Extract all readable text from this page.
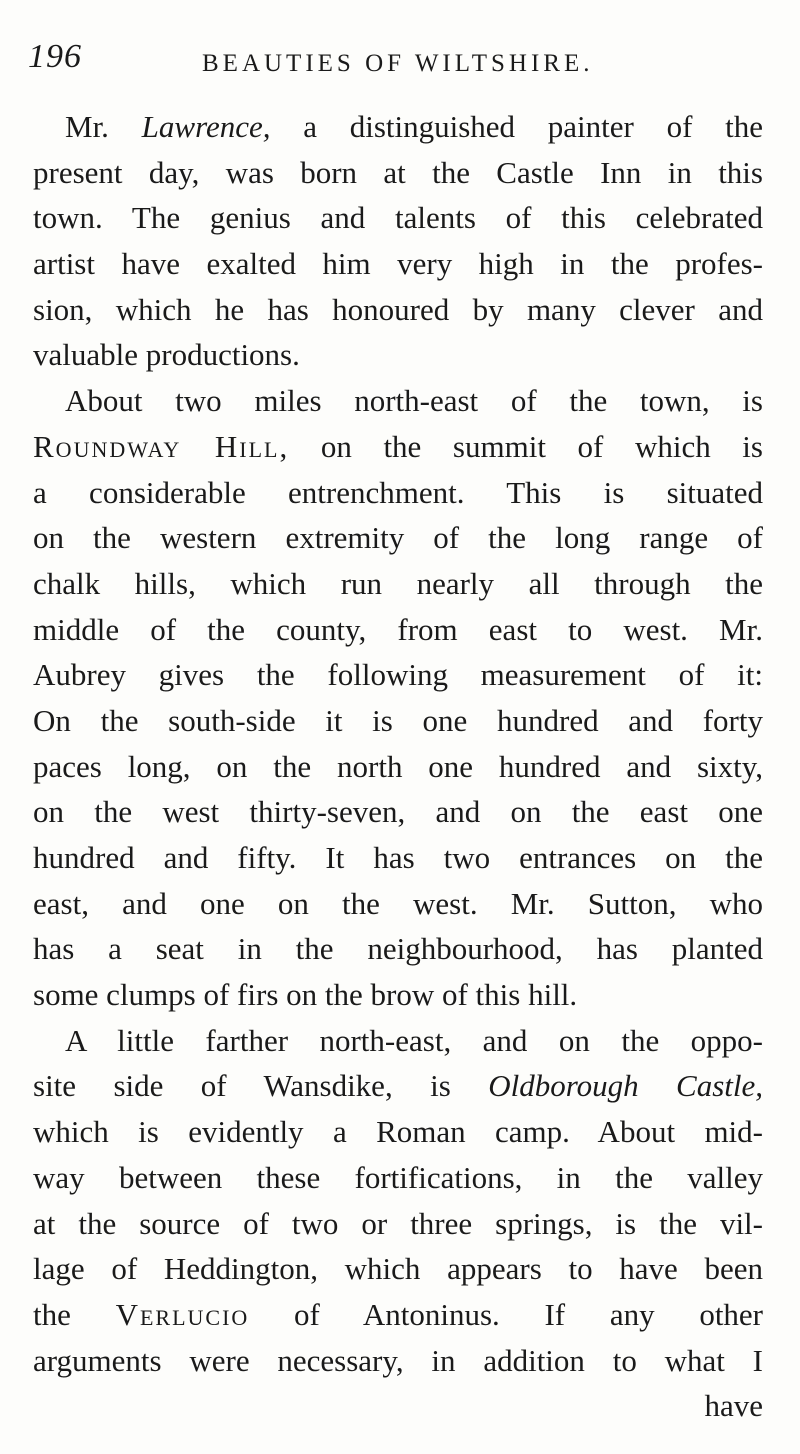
196	BEAUTIES OF WILTSHIRE.
Mr. Lawrence, a distinguished painter of the
present day, was born at the Castle Inn in this
town. The genius and talents of this celebrated
artist have exalted him very high in the profes-
sion, which he has honoured by many clever and
valuable productions.
About two miles north-east of the town, is
Roundway Hill, on the summit of which is
a considerable entrenchment. This is situated
on the western extremity of the long range of
chalk hills, which run nearly all through the
middle of the county, from east to west. Mr.
Aubrey gives the following measurement of it:
On the south-side it is one hundred and forty
paces long, on the north one hundred and sixty,
on the west thirty-seven, and on the east one
hundred and fifty. It has two entrances on the
east, and one on the west. Mr. Sutton, who
has a seat in the neighbourhood, has planted
some clumps of firs on the brow of this hill.
A little farther north-east, and on the oppo-
site side of Wansdike, is Oldborough Castle,
which is evidently a Roman camp. About mid-
way between these fortifications, in the valley
at the source of two or three springs, is the vil-
lage of Heddington, which appears to have been
the Verlucio of Antoninus. If any other
arguments were necessary, in addition to what I
have
